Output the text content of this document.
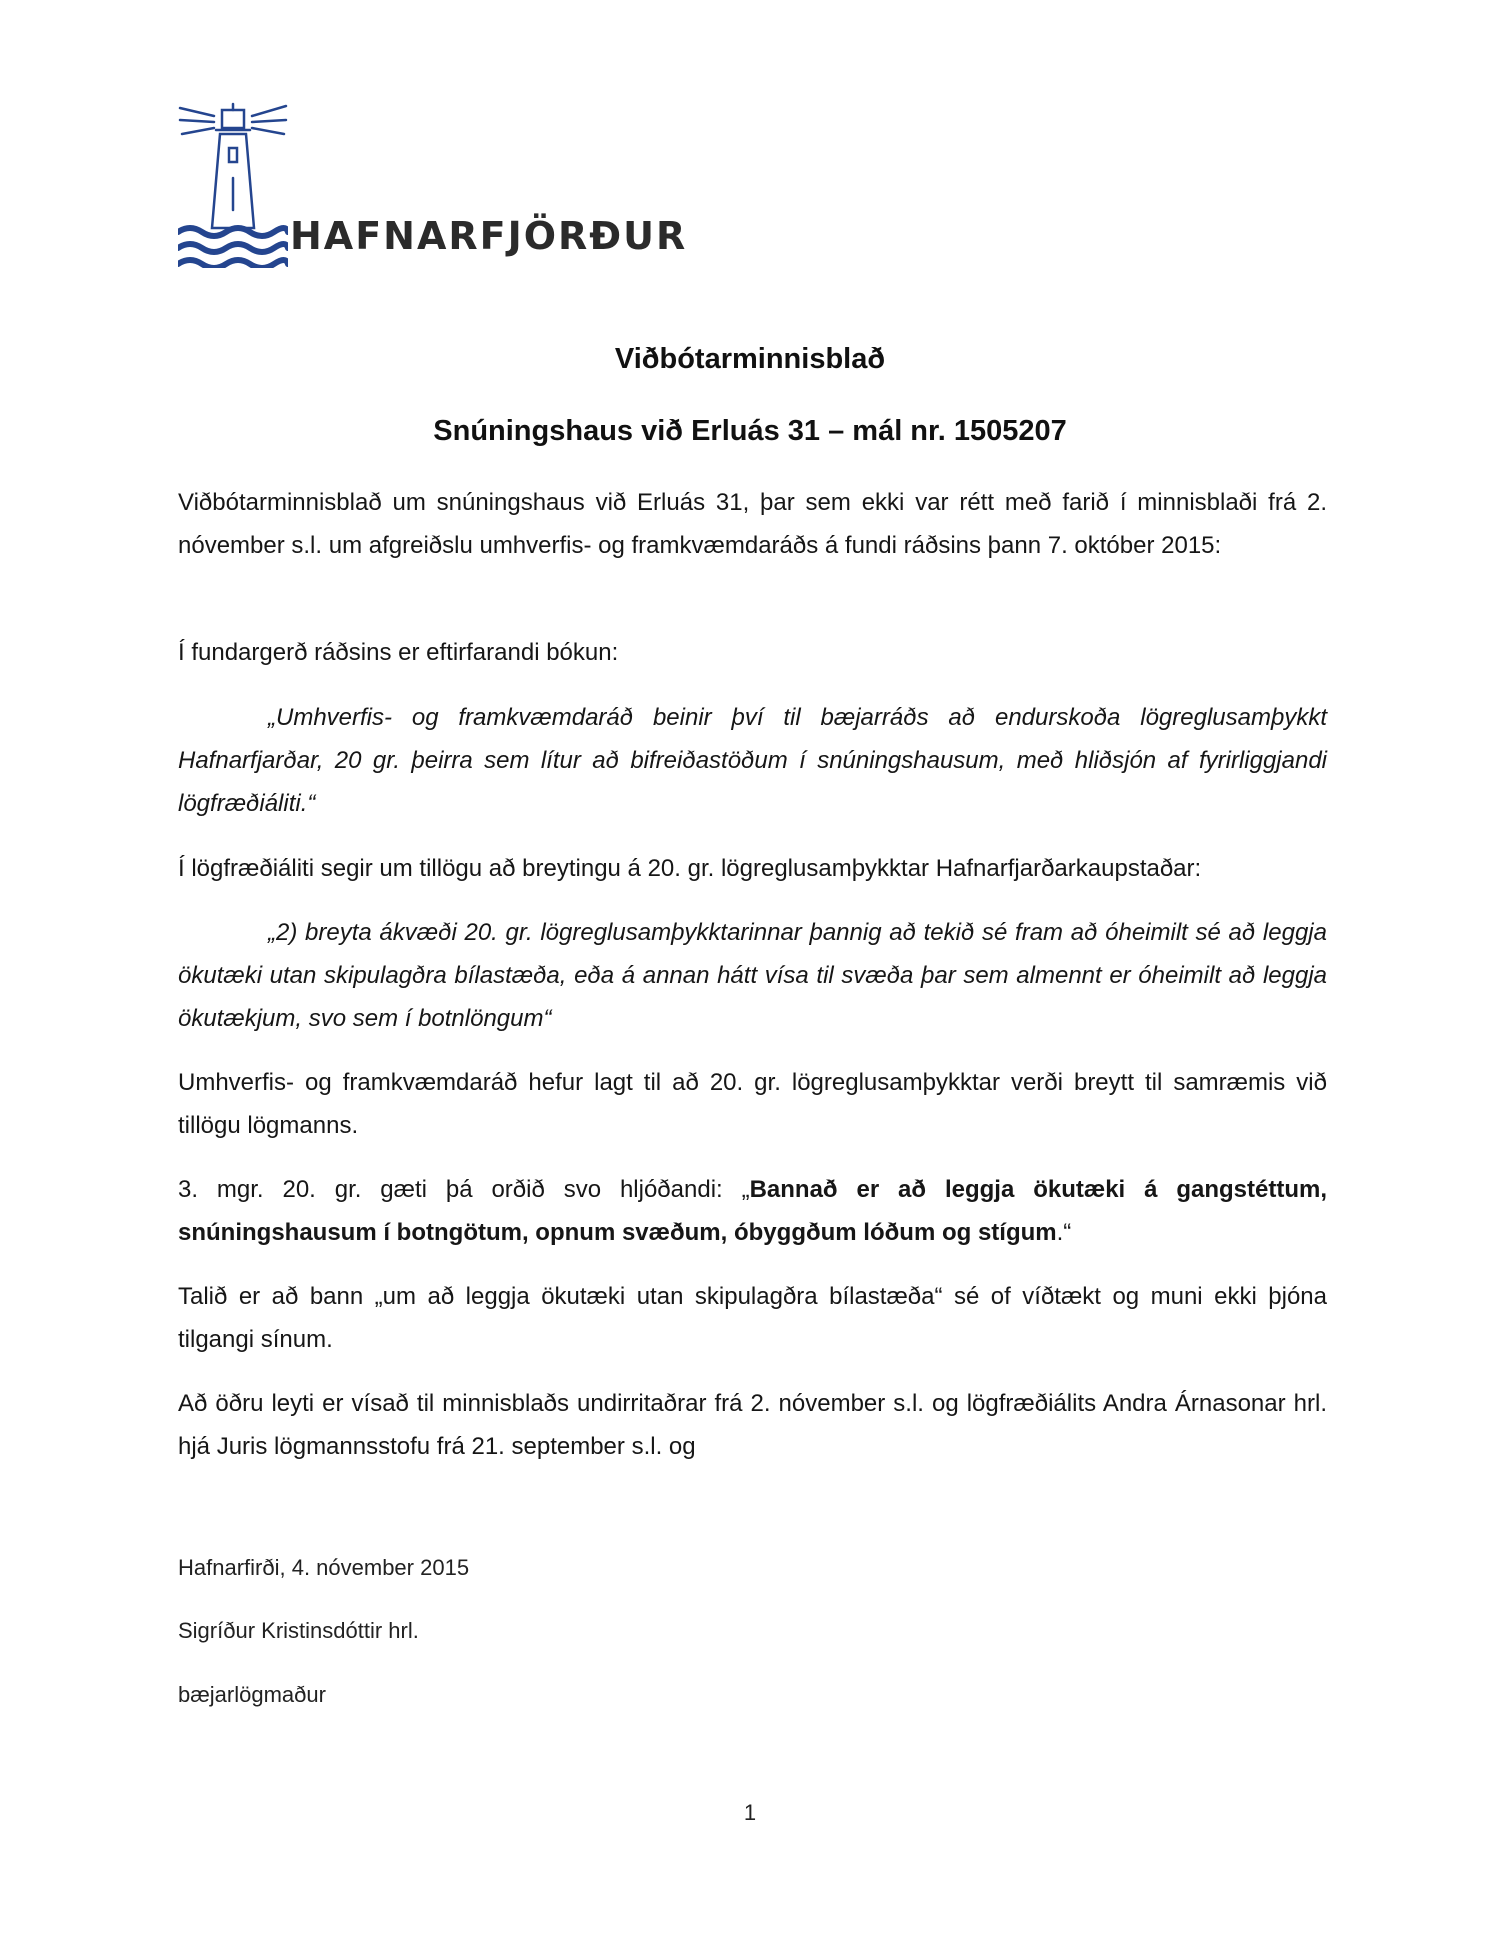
HAFNARFJÖRÐUR
Viðbótarminnisblað
Snúningshaus við Erluás 31 – mál nr. 1505207
Viðbótarminnisblað um snúningshaus við Erluás 31, þar sem ekki var rétt með farið í minnisblaði frá 2. nóvember s.l. um afgreiðslu umhverfis- og framkvæmdaráðs á fundi ráðsins þann 7. október 2015:
Í fundargerð ráðsins er eftirfarandi bókun:
„Umhverfis- og framkvæmdaráð beinir því til bæjarráðs að endurskoða lögreglusamþykkt Hafnarfjarðar, 20 gr. þeirra sem lítur að bifreiðastöðum í snúningshausum, með hliðsjón af fyrirliggjandi lögfræðiáliti.“
Í lögfræðiáliti segir um tillögu að breytingu á 20. gr. lögreglusamþykktar Hafnarfjarðarkaupstaðar:
„2) breyta ákvæði 20. gr. lögreglusamþykktarinnar þannig að tekið sé fram að óheimilt sé að leggja ökutæki utan skipulagðra bílastæða, eða á annan hátt vísa til svæða þar sem almennt er óheimilt að leggja ökutækjum, svo sem í botnlöngum“
Umhverfis- og framkvæmdaráð hefur lagt til að 20. gr. lögreglusamþykktar verði breytt til samræmis við tillögu lögmanns.
3. mgr. 20. gr. gæti þá orðið svo hljóðandi: „Bannað er að leggja ökutæki á gangstéttum, snúningshausum í botngötum, opnum svæðum, óbyggðum lóðum og stígum.“
Talið er að bann „um að leggja ökutæki utan skipulagðra bílastæða“ sé of víðtækt og muni ekki þjóna tilgangi sínum.
Að öðru leyti er vísað til minnisblaðs undirritaðrar frá 2. nóvember s.l. og lögfræðiálits Andra Árnasonar hrl. hjá Juris lögmannsstofu frá 21. september s.l. og
Hafnarfirði, 4. nóvember 2015
Sigríður Kristinsdóttir hrl.
bæjarlögmaður
1
